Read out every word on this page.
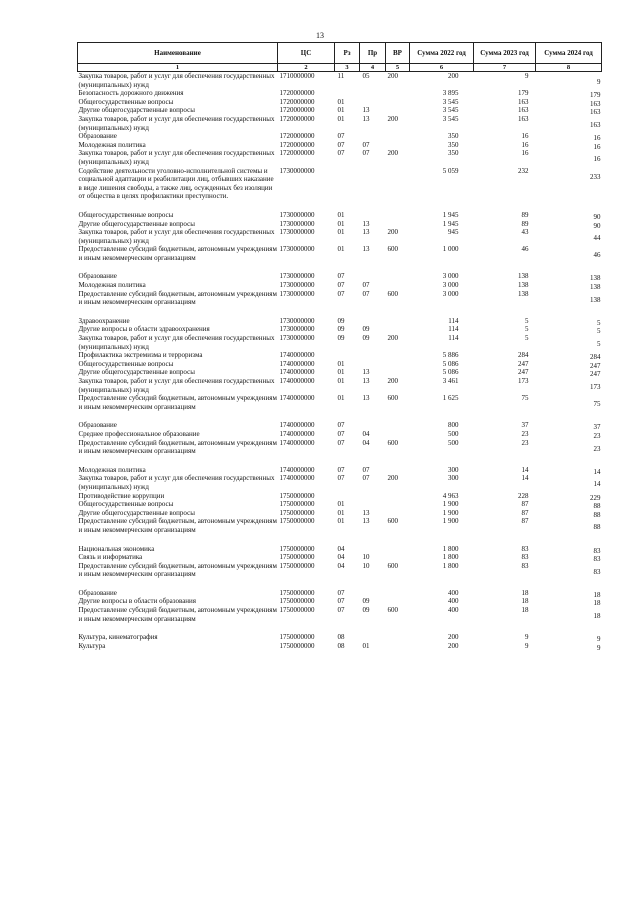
13
Наименование	ЦС	Рз	Пр	ВР	Сумма 2022 год	Сумма 2023 год	Сумма 2024 год
1	2	3	4	5	6	7	8
Закупка товаров, работ и услуг для обеспечения государственных (муниципальных) нужд	1710000000	11	05	200	200	9	9
Безопасность дорожного движения	1720000000				3 895	179	179
Общегосударственные вопросы	1720000000	01			3 545	163	163
Другие общегосударственные вопросы	1720000000	01	13		3 545	163	163
Закупка товаров, работ и услуг для обеспечения государственных (муниципальных) нужд	1720000000	01	13	200	3 545	163	163
Образование	1720000000	07			350	16	16
Молодежная политика	1720000000	07	07		350	16	16
Закупка товаров, работ и услуг для обеспечения государственных (муниципальных) нужд	1720000000	07	07	200	350	16	16
Содействие деятельности уголовно-исполнительной системы и социальной адаптации и реабилитации лиц, отбывших наказание в виде лишения свободы, а также лиц, осужденных без изоляции от общества в целях профилактики преступности.	1730000000				5 059	232	233

Общегосударственные вопросы	1730000000	01			1 945	89	90
Другие общегосударственные вопросы	1730000000	01	13		1 945	89	90
Закупка товаров, работ и услуг для обеспечения государственных (муниципальных) нужд	1730000000	01	13	200	945	43	44
Предоставление субсидий бюджетным, автономным учреждениям и иным некоммерческим организациям	1730000000	01	13	600	1 000	46	46

Образование	1730000000	07			3 000	138	138
Молодежная политика	1730000000	07	07		3 000	138	138
Предоставление субсидий бюджетным, автономным учреждениям и иным некоммерческим организациям	1730000000	07	07	600	3 000	138	138

Здравоохранение	1730000000	09			114	5	5
Другие вопросы в области здравоохранения	1730000000	09	09		114	5	5
Закупка товаров, работ и услуг для обеспечения государственных (муниципальных) нужд	1730000000	09	09	200	114	5	5
Профилактика экстремизма и терроризма	1740000000				5 886	284	284
Общегосударственные вопросы	1740000000	01			5 086	247	247
Другие общегосударственные вопросы	1740000000	01	13		5 086	247	247
Закупка товаров, работ и услуг для обеспечения государственных (муниципальных) нужд	1740000000	01	13	200	3 461	173	173
Предоставление субсидий бюджетным, автономным учреждениям и иным некоммерческим организациям	1740000000	01	13	600	1 625	75	75

Образование	1740000000	07			800	37	37
Среднее профессиональное образование	1740000000	07	04		500	23	23
Предоставление субсидий бюджетным, автономным учреждениям и иным некоммерческим организациям	1740000000	07	04	600	500	23	23

Молодежная политика	1740000000	07	07		300	14	14
Закупка товаров, работ и услуг для обеспечения государственных (муниципальных) нужд	1740000000	07	07	200	300	14	14
Противодействие коррупции	1750000000				4 963	228	229
Общегосударственные вопросы	1750000000	01			1 900	87	88
Другие общегосударственные вопросы	1750000000	01	13		1 900	87	88
Предоставление субсидий бюджетным, автономным учреждениям и иным некоммерческим организациям	1750000000	01	13	600	1 900	87	88

Национальная экономика	1750000000	04			1 800	83	83
Связь и информатика	1750000000	04	10		1 800	83	83
Предоставление субсидий бюджетным, автономным учреждениям и иным некоммерческим организациям	1750000000	04	10	600	1 800	83	83

Образование	1750000000	07			400	18	18
Другие вопросы в области образования	1750000000	07	09		400	18	18
Предоставление субсидий бюджетным, автономным учреждениям и иным некоммерческим организациям	1750000000	07	09	600	400	18	18

Культура, кинематография	1750000000	08			200	9	9
Культура	1750000000	08	01		200	9	9
